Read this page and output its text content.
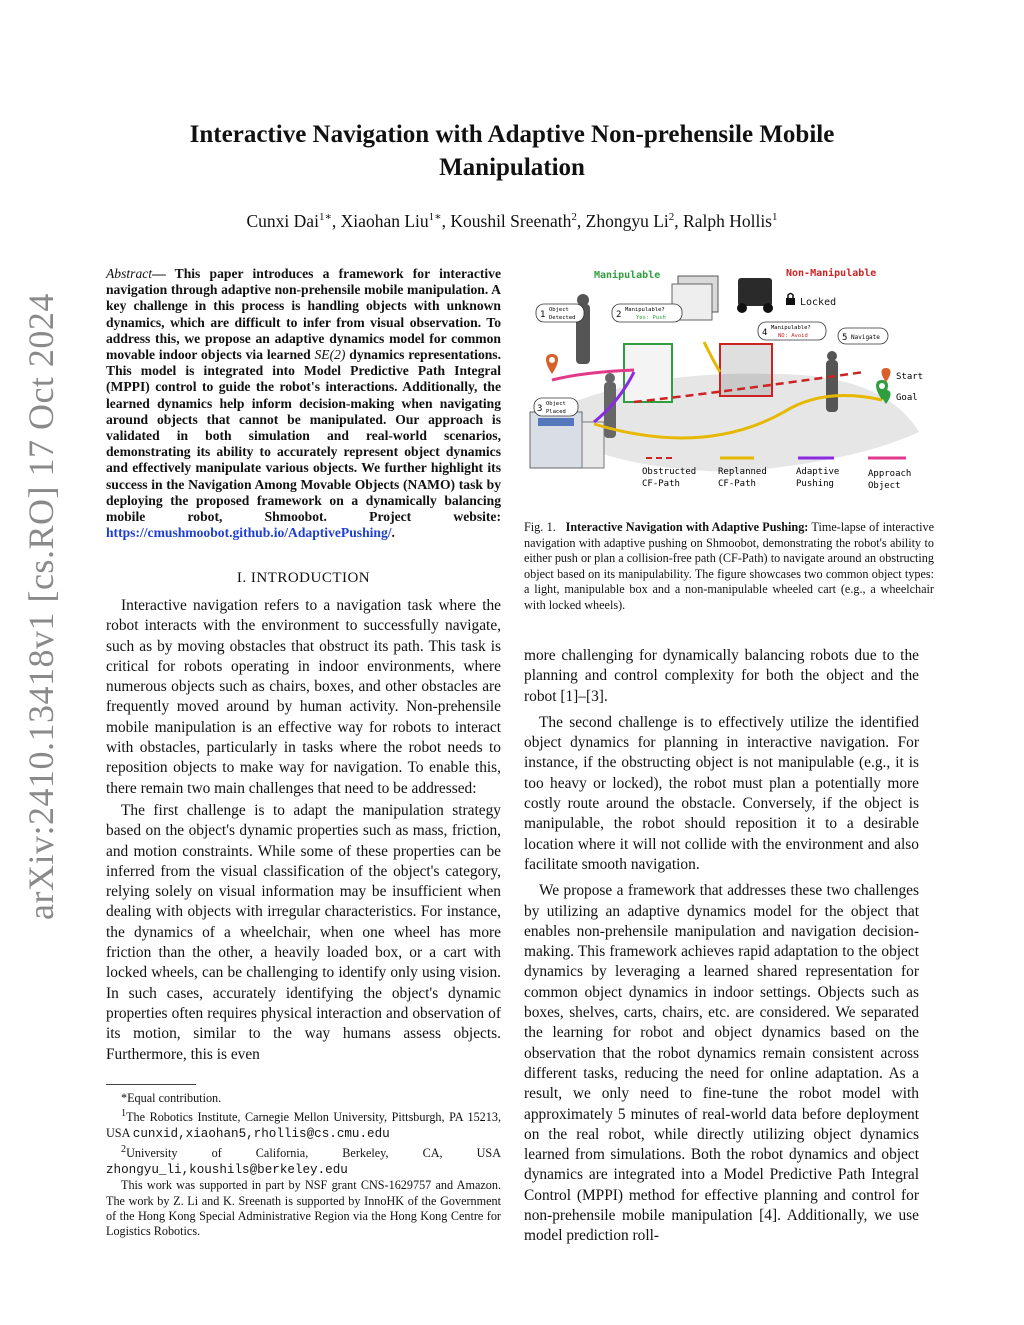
Interactive Navigation with Adaptive Non-prehensile Mobile Manipulation
Cunxi Dai$^{1∗}$, Xiaohan Liu$^{1∗}$, Koushil Sreenath$^2$, Zhongyu Li$^2$, Ralph Hollis$^1$
arXiv:2410.13418v1 [cs.RO] 17 Oct 2024
Abstract— This paper introduces a framework for interactive navigation through adaptive non-prehensile mobile manipulation. A key challenge in this process is handling objects with unknown dynamics, which are difficult to infer from visual observation. To address this, we propose an adaptive dynamics model for common movable indoor objects via learned SE(2) dynamics representations. This model is integrated into Model Predictive Path Integral (MPPI) control to guide the robot's interactions. Additionally, the learned dynamics help inform decision-making when navigating around objects that cannot be manipulated. Our approach is validated in both simulation and real-world scenarios, demonstrating its ability to accurately represent object dynamics and effectively manipulate various objects. We further highlight its success in the Navigation Among Movable Objects (NAMO) task by deploying the proposed framework on a dynamically balancing mobile robot, Shmoobot. Project website: https://cmushmoobot.github.io/AdaptivePushing/.
I. INTRODUCTION

Interactive navigation refers to a navigation task where the robot interacts with the environment to successfully navigate, such as by moving obstacles that obstruct its path. This task is critical for robots operating in indoor environments, where numerous objects such as chairs, boxes, and other obstacles are frequently moved around by human activity. Non-prehensile mobile manipulation is an effective way for robots to interact with obstacles, particularly in tasks where the robot needs to reposition objects to make way for navigation. To enable this, there remain two main challenges that need to be addressed:

The first challenge is to adapt the manipulation strategy based on the object's dynamic properties such as mass, friction, and motion constraints. While some of these properties can be inferred from the visual classification of the object's category, relying solely on visual information may be insufficient when dealing with objects with irregular characteristics. For instance, the dynamics of a wheelchair, when one wheel has more friction than the other, a heavily loaded box, or a cart with locked wheels, can be challenging to identify only using vision. In such cases, accurately identifying the object's dynamic properties often requires physical interaction and observation of its motion, similar to the way humans assess objects. Furthermore, this is even

*Equal contribution.

$^1$The Robotics Institute, Carnegie Mellon University, Pittsburgh, PA 15213, USA cunxid,xiaohan5,rhollis@cs.cmu.edu

$^2$University of California, Berkeley, CA, USA

zhongyu_li,koushils@berkeley.edu

This work was supported in part by NSF grant CNS-1629757 and Amazon. The work by Z. Li and K. Sreenath is supported by InnoHK of the Government of the Hong Kong Special Administrative Region via the Hong Kong Centre for Logistics Robotics.

Manipulable	Non-Manipulable
Locked
1 Object
Detected	2 Manipulable?
Yes: Push
3 Object
Placed
4 Manipulable?
NO: Avoid	5 Navigate
Start
Goal
Obstructed
CF-Path
Replanned
CF-Path
Adaptive
Pushing
Approach
Object
Fig. 1. Interactive Navigation with Adaptive Pushing: Time-lapse of interactive navigation with adaptive pushing on Shmoobot, demonstrating the robot's ability to either push or plan a collision-free path (CF-Path) to navigate around an obstructing object based on its manipulability. The figure showcases two common object types: a light, manipulable box and a non-manipulable wheeled cart (e.g., a wheelchair with locked wheels).

more challenging for dynamically balancing robots due to the planning and control complexity for both the object and the robot [1]–[3].

The second challenge is to effectively utilize the identified object dynamics for planning in interactive navigation. For instance, if the obstructing object is not manipulable (e.g., it is too heavy or locked), the robot must plan a potentially more costly route around the obstacle. Conversely, if the object is manipulable, the robot should reposition it to a desirable location where it will not collide with the environment and also facilitate smooth navigation.

We propose a framework that addresses these two challenges by utilizing an adaptive dynamics model for the object that enables non-prehensile manipulation and navigation decision-making. This framework achieves rapid adaptation to the object dynamics by leveraging a learned shared representation for common object dynamics in indoor settings. Objects such as boxes, shelves, carts, chairs, etc. are considered. We separated the learning for robot and object dynamics based on the observation that the robot dynamics remain consistent across different tasks, reducing the need for online adaptation. As a result, we only need to fine-tune the robot model with approximately 5 minutes of real-world data before deployment on the real robot, while directly utilizing object dynamics learned from simulations. Both the robot dynamics and object dynamics are integrated into a Model Predictive Path Integral Control (MPPI) method for effective planning and control for non-prehensile mobile manipulation [4]. Additionally, we use model prediction roll-
